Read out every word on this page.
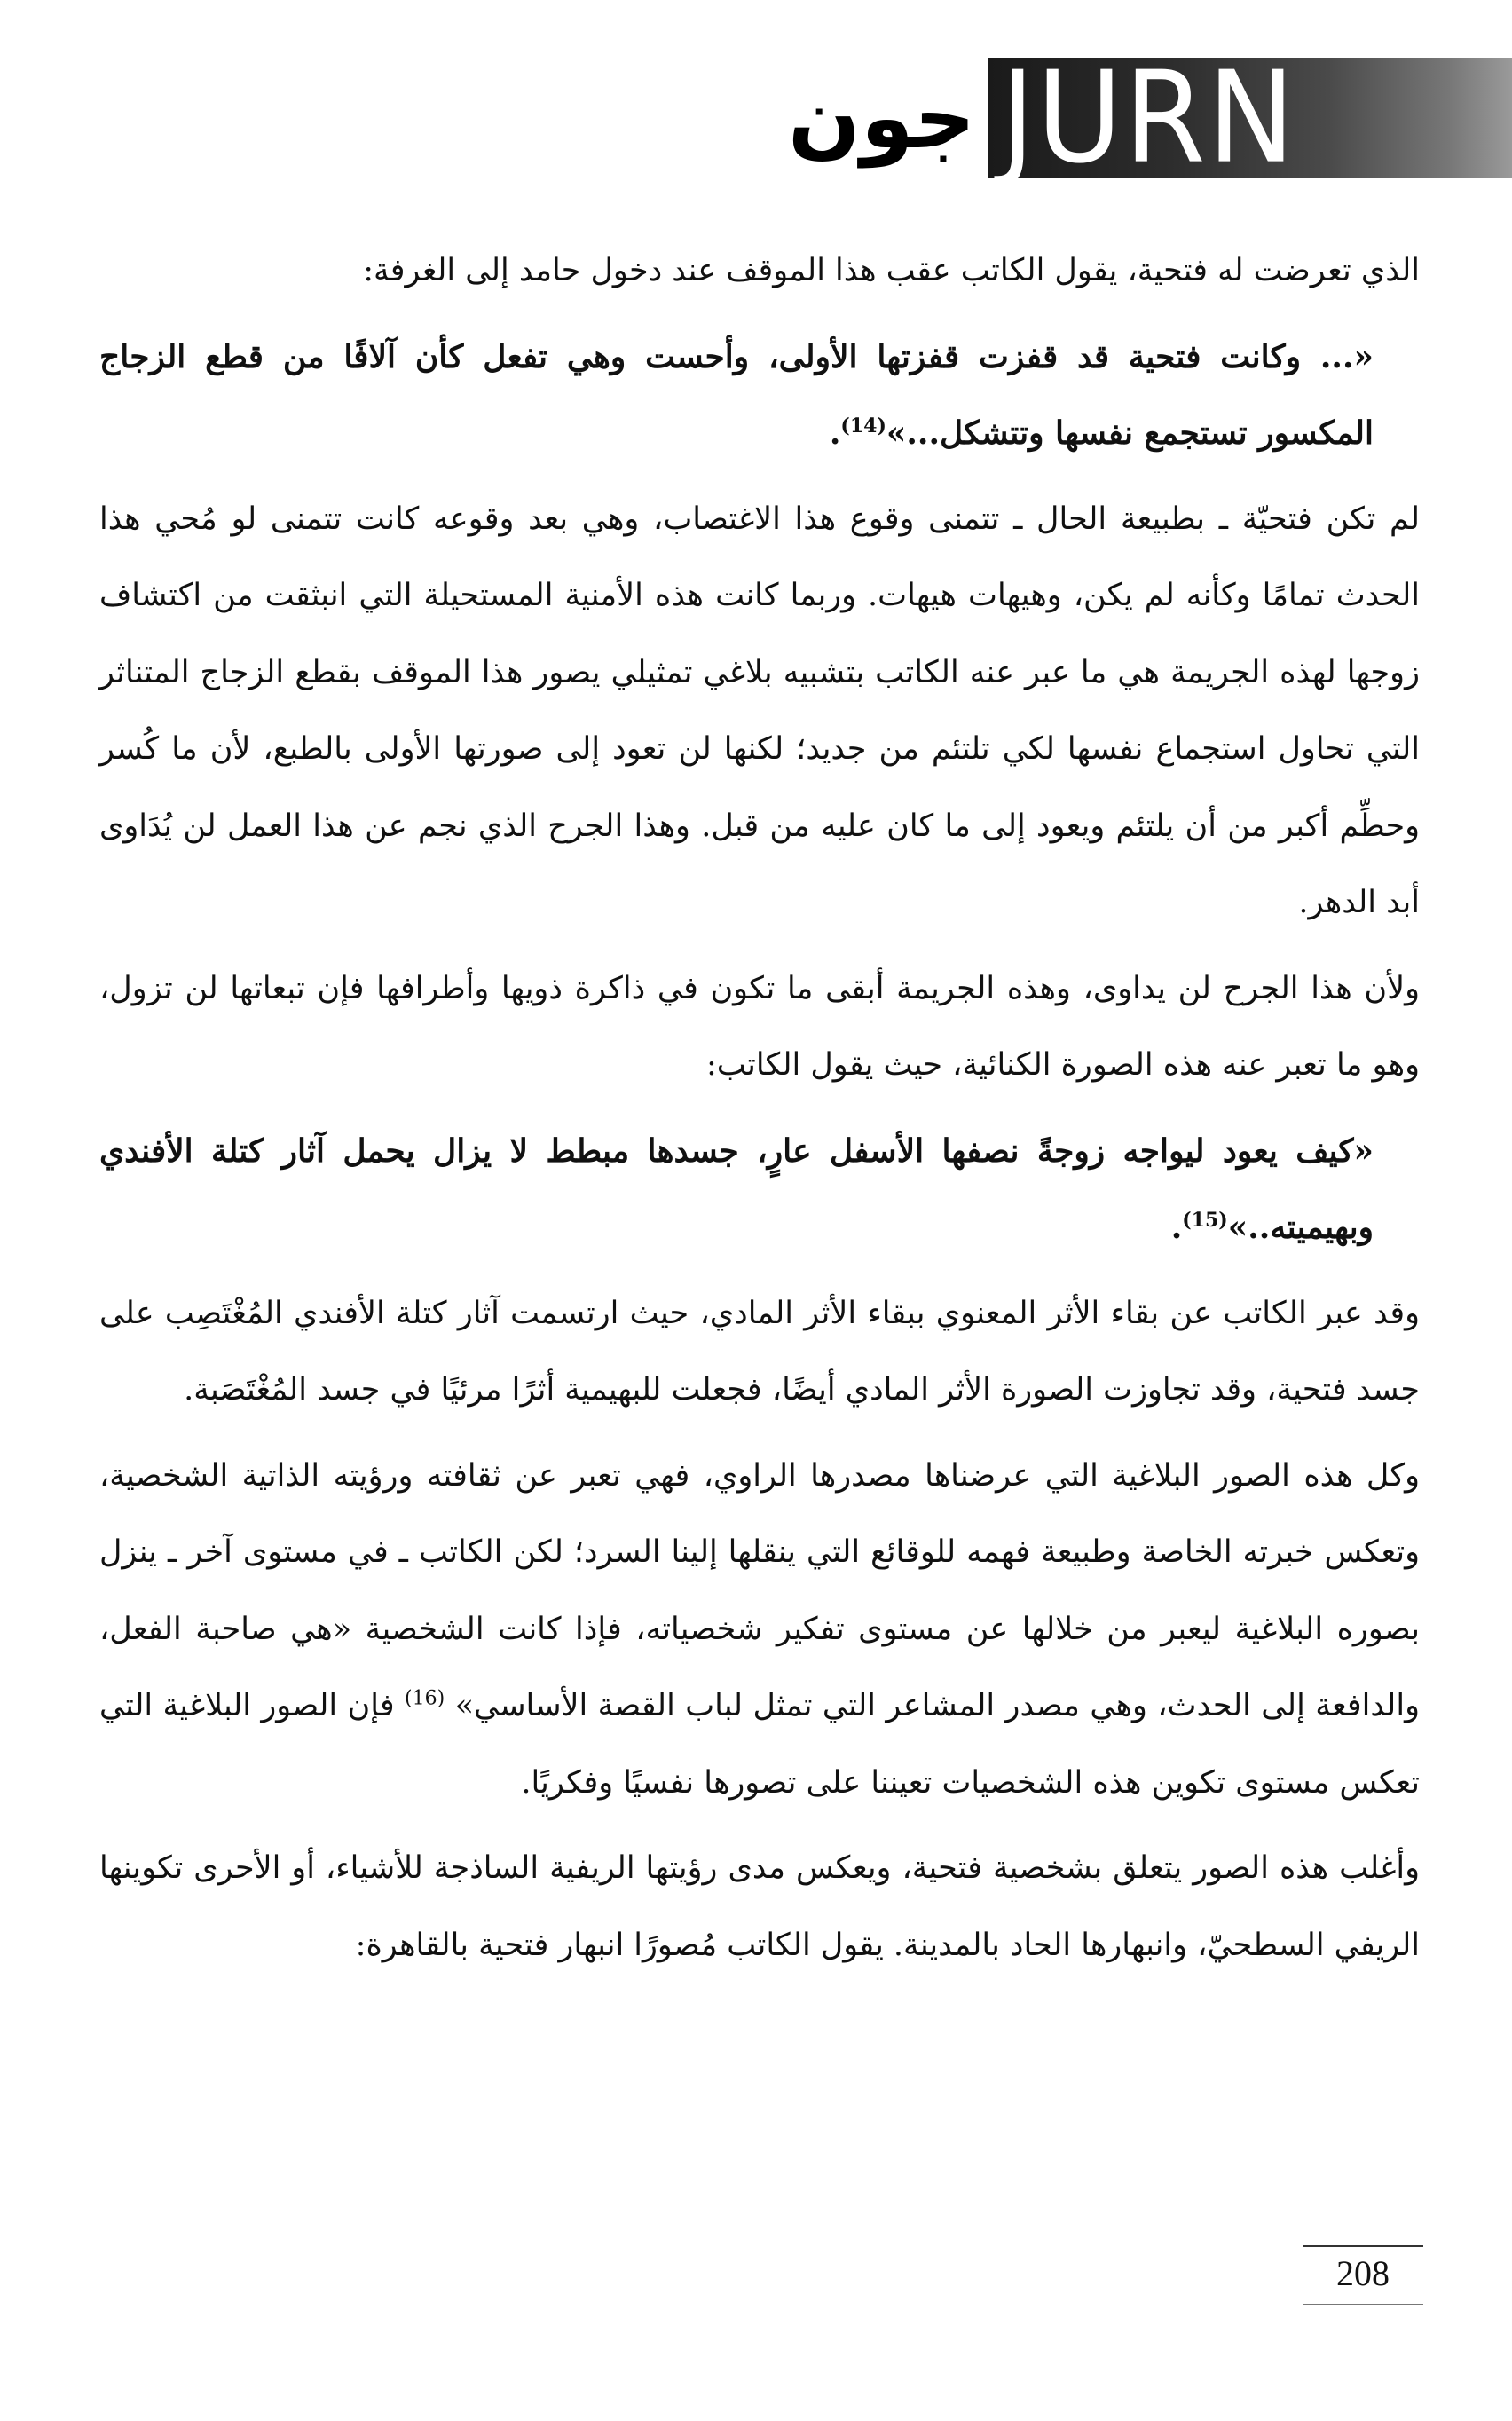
جون JURN

الذي تعرضت له فتحية، يقول الكاتب عقب هذا الموقف عند دخول حامد إلى الغرفة:

«... وكانت فتحية قد قفزت قفزتها الأولى، وأحست وهي تفعل كأن آلافًا من قطع الزجاج المكسور تستجمع نفسها وتتشكل...»$^{(14)}$.

لم تكن فتحيّة ـ بطبيعة الحال ـ تتمنى وقوع هذا الاغتصاب، وهي بعد وقوعه كانت تتمنى لو مُحي هذا الحدث تمامًا وكأنه لم يكن، وهيهات هيهات. وربما كانت هذه الأمنية المستحيلة التي انبثقت من اكتشاف زوجها لهذه الجريمة هي ما عبر عنه الكاتب بتشبيه بلاغي تمثيلي يصور هذا الموقف بقطع الزجاج المتناثر التي تحاول استجماع نفسها لكي تلتئم من جديد؛ لكنها لن تعود إلى صورتها الأولى بالطبع، لأن ما كُسر وحطِّم أكبر من أن يلتئم ويعود إلى ما كان عليه من قبل. وهذا الجرح الذي نجم عن هذا العمل لن يُدَاوى أبد الدهر.

ولأن هذا الجرح لن يداوى، وهذه الجريمة أبقى ما تكون في ذاكرة ذويها وأطرافها فإن تبعاتها لن تزول، وهو ما تعبر عنه هذه الصورة الكنائية، حيث يقول الكاتب:

«كيف يعود ليواجه زوجةً نصفها الأسفل عارٍ، جسدها مبطط لا يزال يحمل آثار كتلة الأفندي وبهيميته..»$^{(15)}$.

وقد عبر الكاتب عن بقاء الأثر المعنوي ببقاء الأثر المادي، حيث ارتسمت آثار كتلة الأفندي المُغْتَصِب على جسد فتحية، وقد تجاوزت الصورة الأثر المادي أيضًا، فجعلت للبهيمية أثرًا مرئيًا في جسد المُغْتَصَبة.

وكل هذه الصور البلاغية التي عرضناها مصدرها الراوي، فهي تعبر عن ثقافته ورؤيته الذاتية الشخصية، وتعكس خبرته الخاصة وطبيعة فهمه للوقائع التي ينقلها إلينا السرد؛ لكن الكاتب ـ في مستوى آخر ـ ينزل بصوره البلاغية ليعبر من خلالها عن مستوى تفكير شخصياته، فإذا كانت الشخصية «هي صاحبة الفعل، والدافعة إلى الحدث، وهي مصدر المشاعر التي تمثل لباب القصة الأساسي» $^{(16)}$ فإن الصور البلاغية التي تعكس مستوى تكوين هذه الشخصيات تعيننا على تصورها نفسيًا وفكريًا.

وأغلب هذه الصور يتعلق بشخصية فتحية، ويعكس مدى رؤيتها الريفية الساذجة للأشياء، أو الأحرى تكوينها الريفي السطحيّ، وانبهارها الحاد بالمدينة. يقول الكاتب مُصورًا انبهار فتحية بالقاهرة:

208
